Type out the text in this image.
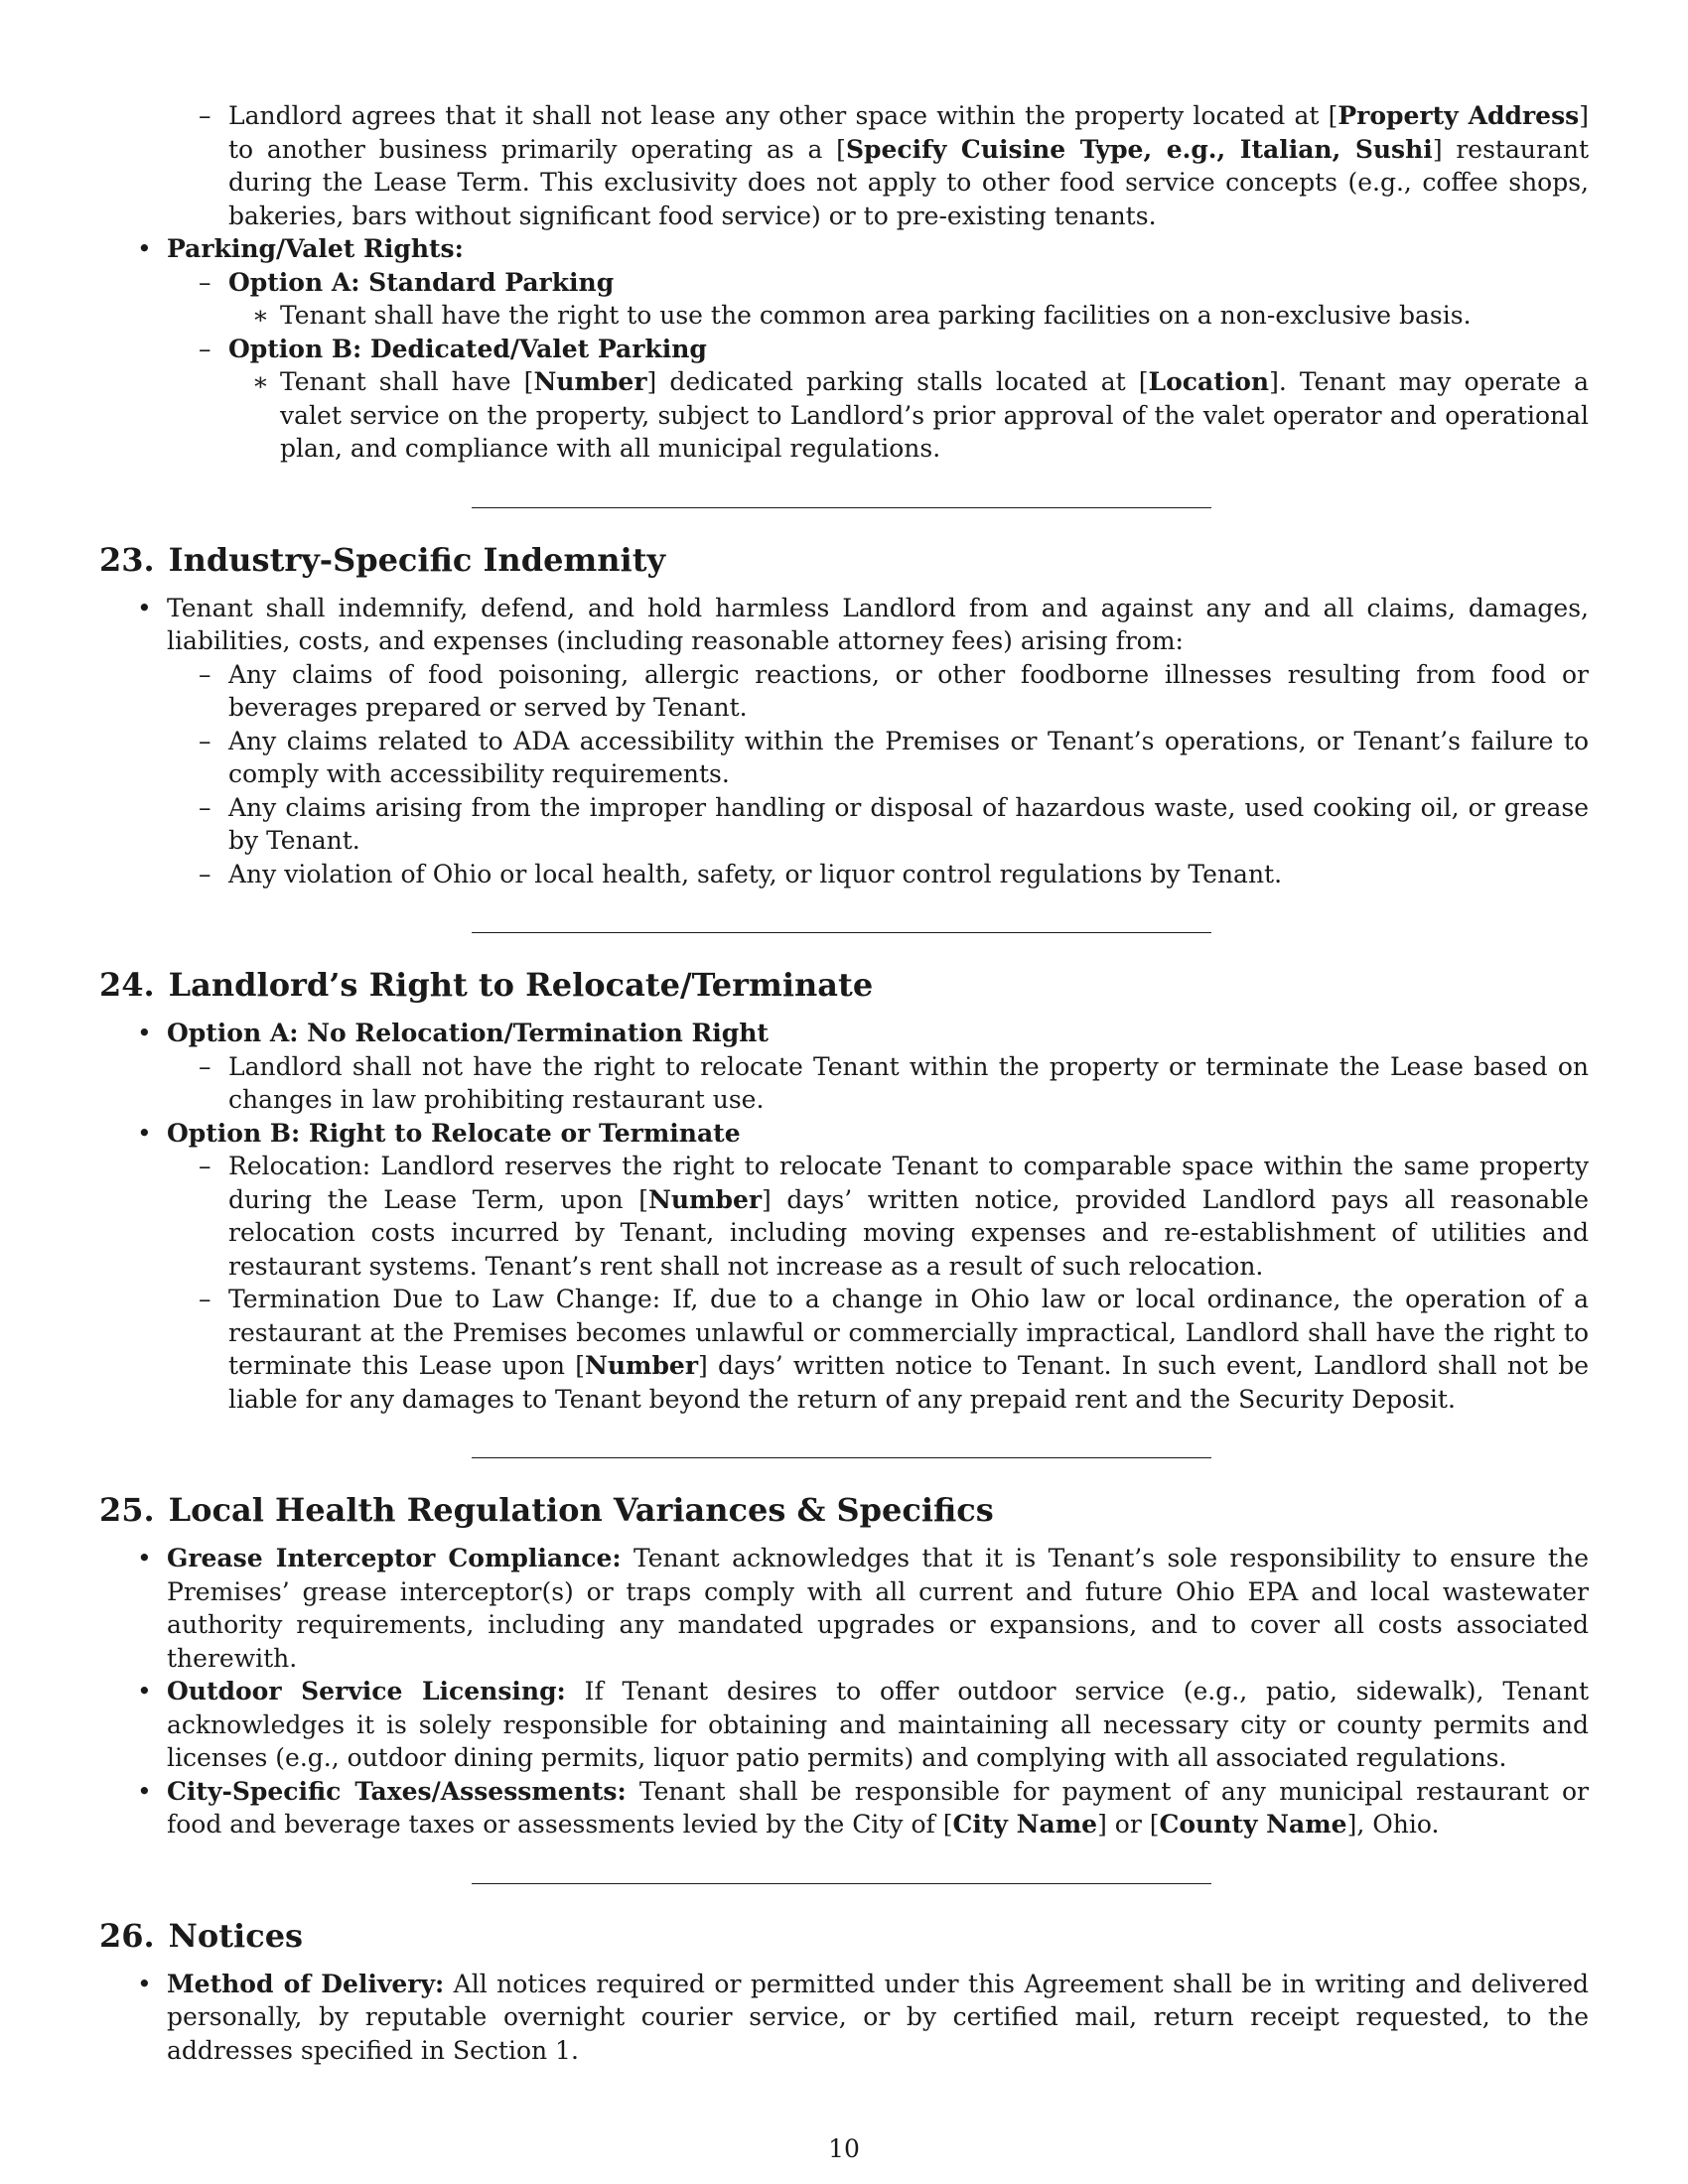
– Landlord agrees that it shall not lease any other space within the property located at [Property Address] to another business primarily operating as a [Specify Cuisine Type, e.g., Italian, Sushi] restaurant during the Lease Term. This exclusivity does not apply to other food service concepts (e.g., coffee shops, bakeries, bars without significant food service) or to pre-existing tenants.
• Parking/Valet Rights:
– Option A: Standard Parking
∗ Tenant shall have the right to use the common area parking facilities on a non-exclusive basis.
– Option B: Dedicated/Valet Parking
∗ Tenant shall have [Number] dedicated parking stalls located at [Location]. Tenant may operate a valet service on the property, subject to Landlord’s prior approval of the valet operator and operational plan, and compliance with all municipal regulations.
23. Industry-Specific Indemnity
• Tenant shall indemnify, defend, and hold harmless Landlord from and against any and all claims, damages, liabilities, costs, and expenses (including reasonable attorney fees) arising from:
– Any claims of food poisoning, allergic reactions, or other foodborne illnesses resulting from food or beverages prepared or served by Tenant.
– Any claims related to ADA accessibility within the Premises or Tenant’s operations, or Tenant’s failure to comply with accessibility requirements.
– Any claims arising from the improper handling or disposal of hazardous waste, used cooking oil, or grease by Tenant.
– Any violation of Ohio or local health, safety, or liquor control regulations by Tenant.
24. Landlord’s Right to Relocate/Terminate
• Option A: No Relocation/Termination Right
– Landlord shall not have the right to relocate Tenant within the property or terminate the Lease based on changes in law prohibiting restaurant use.
• Option B: Right to Relocate or Terminate
– Relocation: Landlord reserves the right to relocate Tenant to comparable space within the same property during the Lease Term, upon [Number] days’ written notice, provided Landlord pays all reasonable relocation costs incurred by Tenant, including moving expenses and re-establishment of utilities and restaurant systems. Tenant’s rent shall not increase as a result of such relocation.
– Termination Due to Law Change: If, due to a change in Ohio law or local ordinance, the operation of a restaurant at the Premises becomes unlawful or commercially impractical, Landlord shall have the right to terminate this Lease upon [Number] days’ written notice to Tenant. In such event, Landlord shall not be liable for any damages to Tenant beyond the return of any prepaid rent and the Security Deposit.
25. Local Health Regulation Variances & Specifics
• Grease Interceptor Compliance: Tenant acknowledges that it is Tenant’s sole responsibility to ensure the Premises’ grease interceptor(s) or traps comply with all current and future Ohio EPA and local wastewater authority requirements, including any mandated upgrades or expansions, and to cover all costs associated therewith.
• Outdoor Service Licensing: If Tenant desires to offer outdoor service (e.g., patio, sidewalk), Tenant acknowledges it is solely responsible for obtaining and maintaining all necessary city or county permits and licenses (e.g., outdoor dining permits, liquor patio permits) and complying with all associated regulations.
• City-Specific Taxes/Assessments: Tenant shall be responsible for payment of any municipal restaurant or food and beverage taxes or assessments levied by the City of [City Name] or [County Name], Ohio.
26. Notices
• Method of Delivery: All notices required or permitted under this Agreement shall be in writing and delivered personally, by reputable overnight courier service, or by certified mail, return receipt requested, to the addresses specified in Section 1.
10
